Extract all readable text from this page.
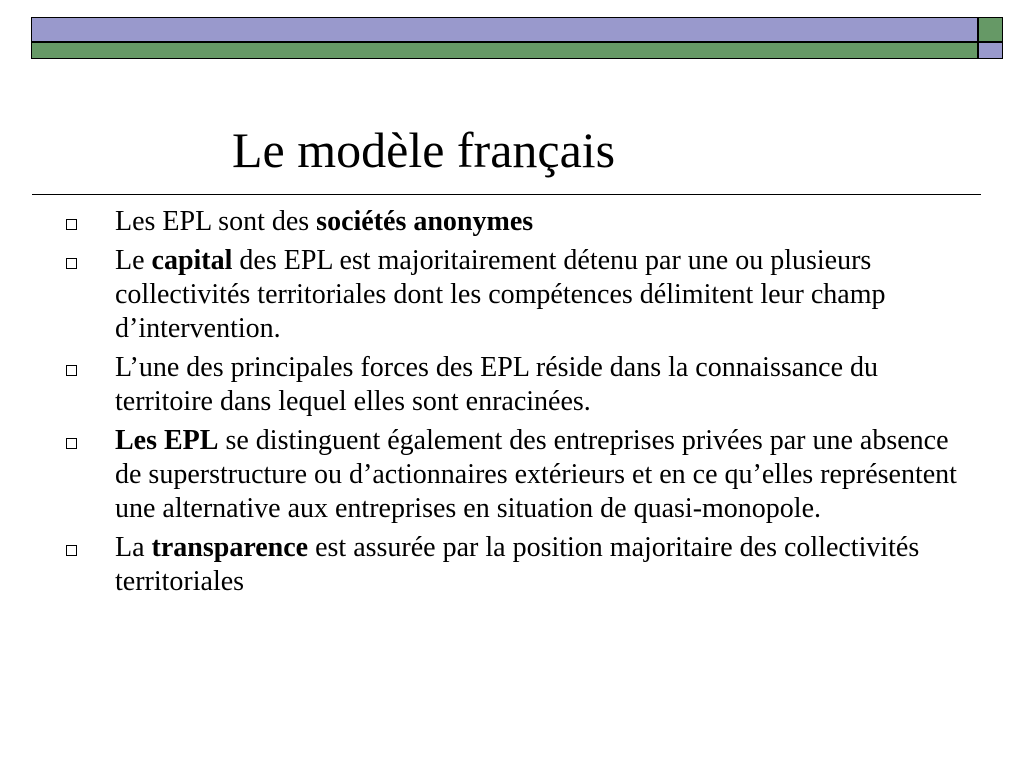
Le modèle français
Les EPL sont des sociétés anonymes
Le capital des EPL est majoritairement détenu par une ou plusieurs collectivités territoriales dont les compétences délimitent leur champ d’intervention.
L’une des principales forces des EPL réside dans la connaissance du territoire dans lequel elles sont enracinées.
Les EPL se distinguent également des entreprises privées par une absence de superstructure ou d’actionnaires extérieurs et en ce qu’elles représentent une alternative aux entreprises en situation de quasi-monopole.
La transparence est assurée par la position majoritaire des collectivités territoriales
